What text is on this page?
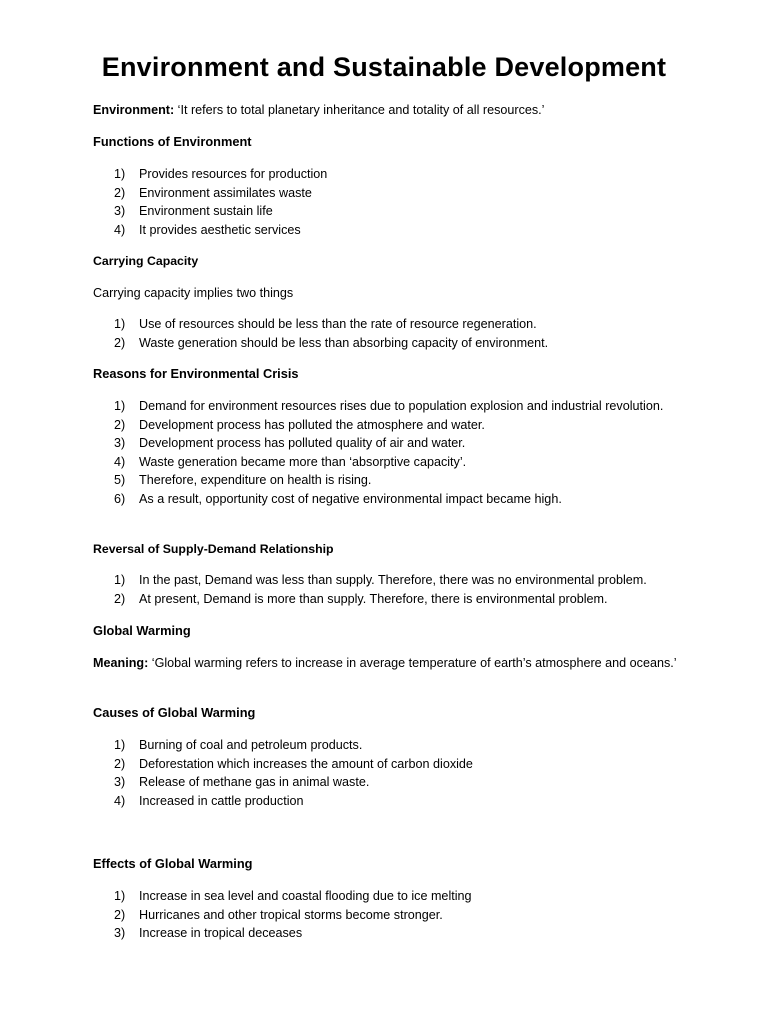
Environment and Sustainable Development
Environment: ‘It refers to total planetary inheritance and totality of all resources.’
Functions of Environment
1) Provides resources for production
2) Environment assimilates waste
3) Environment sustain life
4) It provides aesthetic services
Carrying Capacity
Carrying capacity implies two things
1) Use of resources should be less than the rate of resource regeneration.
2) Waste generation should be less than absorbing capacity of environment.
Reasons for Environmental Crisis
1) Demand for environment resources rises due to population explosion and industrial revolution.
2) Development process has polluted the atmosphere and water.
3) Development process has polluted quality of air and water.
4) Waste generation became more than ‘absorptive capacity’.
5) Therefore, expenditure on health is rising.
6) As a result, opportunity cost of negative environmental impact became high.
Reversal of Supply-Demand Relationship
1) In the past, Demand was less than supply. Therefore, there was no environmental problem.
2) At present, Demand is more than supply. Therefore, there is environmental problem.
Global Warming
Meaning: ‘Global warming refers to increase in average temperature of earth’s atmosphere and oceans.’
Causes of Global Warming
1) Burning of coal and petroleum products.
2) Deforestation which increases the amount of carbon dioxide
3) Release of methane gas in animal waste.
4) Increased in cattle production
Effects of Global Warming
1) Increase in sea level and coastal flooding due to ice melting
2) Hurricanes and other tropical storms become stronger.
3) Increase in tropical deceases
